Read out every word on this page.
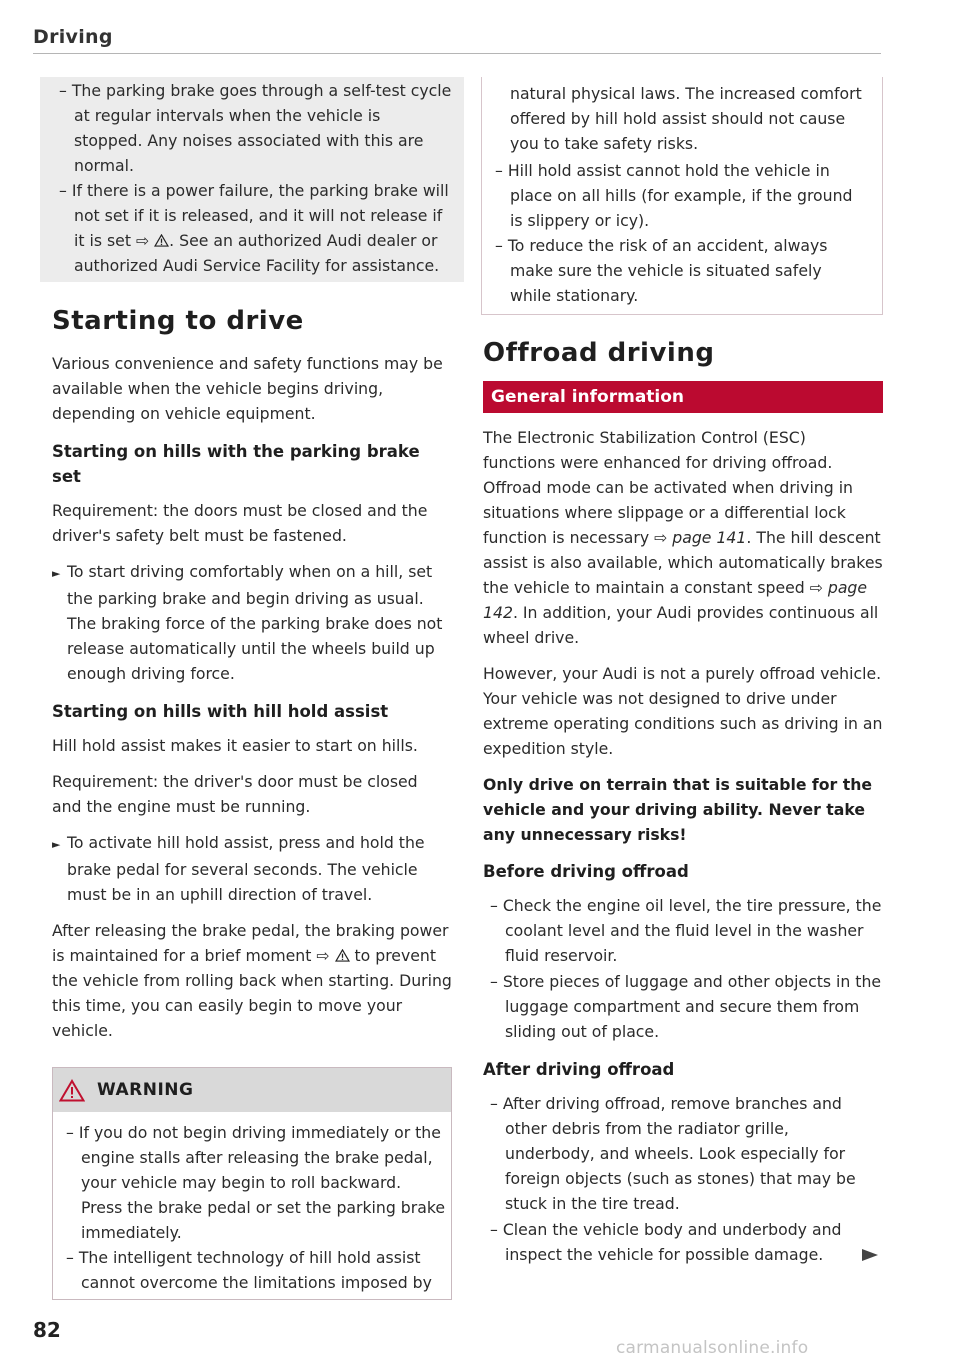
Driving
– The parking brake goes through a self-test cycle at regular intervals when the vehicle is stopped. Any noises associated with this are normal.
– If there is a power failure, the parking brake will not set if it is released, and it will not release if it is set ⇨ . See an authorized Audi dealer or authorized Audi Service Facility for assistance.
Starting to drive

Various convenience and safety functions may be available when the vehicle begins driving, depending on vehicle equipment.

Starting on hills with the parking brake set

Requirement: the doors must be closed and the driver's safety belt must be fastened.

► To start driving comfortably when on a hill, set the parking brake and begin driving as usual. The braking force of the parking brake does not release automatically until the wheels build up enough driving force.
Starting on hills with hill hold assist

Hill hold assist makes it easier to start on hills.

Requirement: the driver's door must be closed and the engine must be running.

► To activate hill hold assist, press and hold the brake pedal for several seconds. The vehicle must be in an uphill direction of travel.

After releasing the brake pedal, the braking power is maintained for a brief moment ⇨  to prevent the vehicle from rolling back when starting. During this time, you can easily begin to move your vehicle.

WARNING
– If you do not begin driving immediately or the engine stalls after releasing the brake pedal, your vehicle may begin to roll backward. Press the brake pedal or set the parking brake immediately.
– The intelligent technology of hill hold assist cannot overcome the limitations imposed by

natural physical laws. The increased comfort offered by hill hold assist should not cause you to take safety risks.

– Hill hold assist cannot hold the vehicle in place on all hills (for example, if the ground is slippery or icy).
– To reduce the risk of an accident, always make sure the vehicle is situated safely while stationary.
Offroad driving
General information

The Electronic Stabilization Control (ESC) functions were enhanced for driving offroad. Offroad mode can be activated when driving in situations where slippage or a differential lock function is necessary ⇨ page 141. The hill descent assist is also available, which automatically brakes the vehicle to maintain a constant speed ⇨ page 142. In addition, your Audi provides continuous all wheel drive.

However, your Audi is not a purely offroad vehicle. Your vehicle was not designed to drive under extreme operating conditions such as driving in an expedition style.

Only drive on terrain that is suitable for the vehicle and your driving ability. Never take any unnecessary risks!

Before driving offroad
– Check the engine oil level, the tire pressure, the coolant level and the fluid level in the washer fluid reservoir.
– Store pieces of luggage and other objects in the luggage compartment and secure them from sliding out of place.
After driving offroad
– After driving offroad, remove branches and other debris from the radiator grille, underbody, and wheels. Look especially for foreign objects (such as stones) that may be stuck in the tire tread.
– Clean the vehicle body and underbody and inspect the vehicle for possible damage.
82
carmanualsonline.info
